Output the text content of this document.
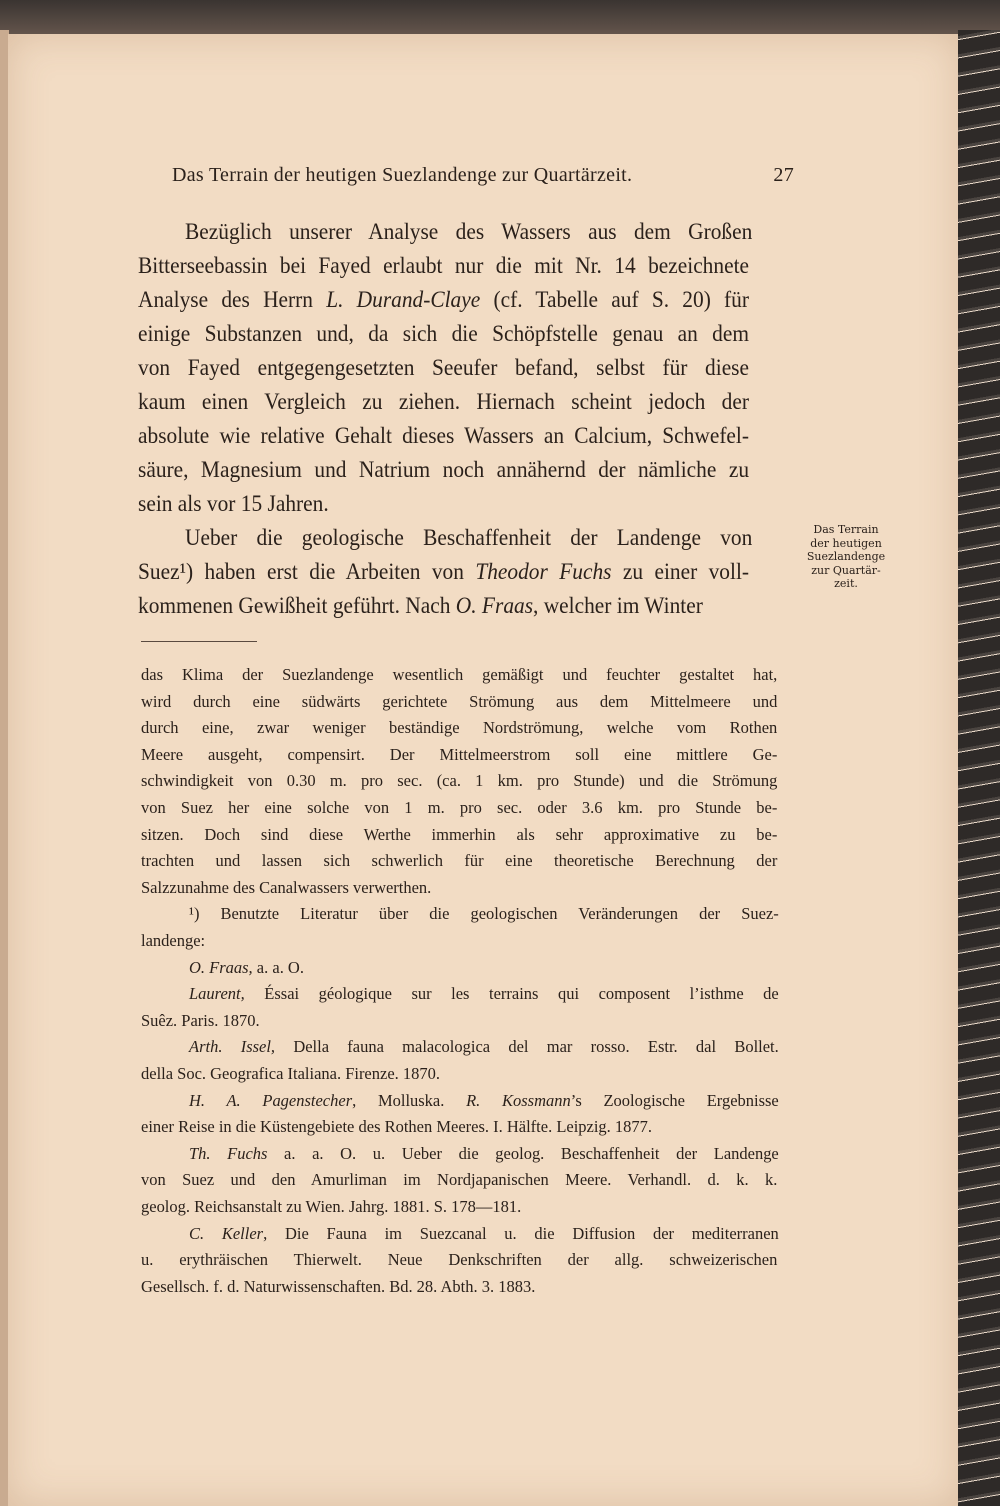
Das Terrain der heutigen Suezlandenge zur Quartärzeit.	27
Bezüglich unserer Analyse des Wassers aus dem Großen
Bitterseebassin bei Fayed erlaubt nur die mit Nr. 14 bezeichnete
Analyse des Herrn L. Durand-Claye (cf. Tabelle auf S. 20) für
einige Substanzen und, da sich die Schöpfstelle genau an dem
von Fayed entgegengesetzten Seeufer befand, selbst für diese
kaum einen Vergleich zu ziehen. Hiernach scheint jedoch der
absolute wie relative Gehalt dieses Wassers an Calcium, Schwefel-
säure, Magnesium und Natrium noch annähernd der nämliche zu
sein als vor 15 Jahren.
Ueber die geologische Beschaffenheit der Landenge von
Suez¹) haben erst die Arbeiten von Theodor Fuchs zu einer voll-
kommenen Gewißheit geführt. Nach O. Fraas, welcher im Winter
das Klima der Suezlandenge wesentlich gemäßigt und feuchter gestaltet hat,
wird durch eine südwärts gerichtete Strömung aus dem Mittelmeere und
durch eine, zwar weniger beständige Nordströmung, welche vom Rothen
Meere ausgeht, compensirt. Der Mittelmeerstrom soll eine mittlere Ge-
schwindigkeit von 0.30 m. pro sec. (ca. 1 km. pro Stunde) und die Strömung
von Suez her eine solche von 1 m. pro sec. oder 3.6 km. pro Stunde be-
sitzen. Doch sind diese Werthe immerhin als sehr approximative zu be-
trachten und lassen sich schwerlich für eine theoretische Berechnung der
Salzzunahme des Canalwassers verwerthen.
¹) Benutzte Literatur über die geologischen Veränderungen der Suez-
landenge:
O. Fraas, a. a. O.
Laurent, Éssai géologique sur les terrains qui composent l’isthme de
Suêz. Paris. 1870.
Arth. Issel, Della fauna malacologica del mar rosso. Estr. dal Bollet.
della Soc. Geografica Italiana. Firenze. 1870.
H. A. Pagenstecher, Molluska. R. Kossmann’s Zoologische Ergebnisse
einer Reise in die Küstengebiete des Rothen Meeres. I. Hälfte. Leipzig. 1877.
Th. Fuchs a. a. O. u. Ueber die geolog. Beschaffenheit der Landenge
von Suez und den Amurliman im Nordjapanischen Meere. Verhandl. d. k. k.
geolog. Reichsanstalt zu Wien. Jahrg. 1881. S. 178—181.
C. Keller, Die Fauna im Suezcanal u. die Diffusion der mediterranen
u. erythräischen Thierwelt. Neue Denkschriften der allg. schweizerischen
Gesellsch. f. d. Naturwissenschaften. Bd. 28. Abth. 3. 1883.
Das Terrain
der heutigen
Suezlandenge
zur Quartär-
zeit.
